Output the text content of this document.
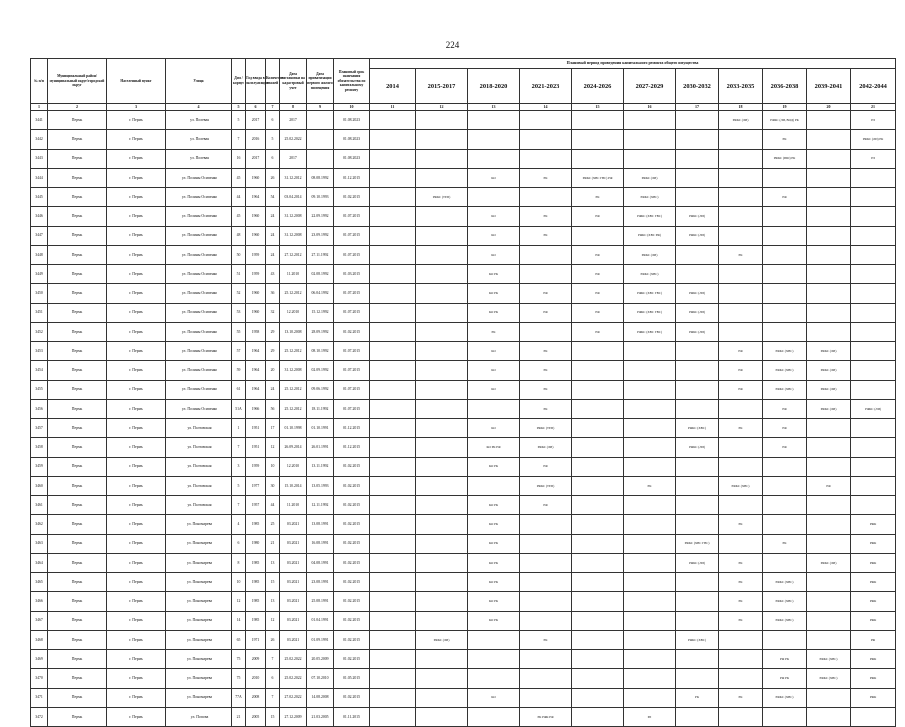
224
№ п/п	Муниципальный район/муниципальный округ/городской округ	Населенный пункт	Улица	Дом / корпус	Год ввода в эксплуатацию	Количество этажей	Дата постановки на кадастровый учет	Дата приватизации первого жилого помещения	Плановый срок окончания обязательства по капитальному ремонту	Плановый период проведения капитального ремонта общего имущества										
										2014	2015-2017	2018-2020	2021-2023	2024-2026	2027-2029	2030-2032	2033-2035	2036-2038	2039-2041	2042-2044
1	2	3	4	5	6	7	8	9	10	11	12	13	14	15	16	17	18	19	20	21
3441	Пермь	г. Пермь	ул. Полевая	5	2017	6	2017		01.08.2023								РФКС (ЛИ)	РФКС (ЛИ, ВОД) РК		РЛ
3442	Пермь	г. Пермь	ул. Полевая	7	2016	5	25.02.2022		01.08.2023									РК		РФКС (ЛИ) РК
3443	Пермь	г. Пермь	ул. Полевая	16	2017	6	2017		01.08.2023									РФКС (ПШ) РК		РЛ
3444	Пермь	г. Пермь	ул. Полины Осипенко	45	1960	26	31.12.2012	08.08.1992	01.12.2015			КО	РК	РФКС (ХВС ГВС) РФ	РФКС (ЛИ)					
3445	Пермь	г. Пермь	ул. Полины Осипенко	44	1964	54	03.04.2014	09.10.1993	01.02.2015		РФКС (ТЕП)			РК	РФКС (ХВС)			РФ		
3446	Пермь	г. Пермь	ул. Полины Осипенко	45	1960	24	31.12.2008	22.09.1992	01.07.2015			КО	РК	РФ	РФКС (ХВС ГВС)	РФКС (ЛИ)				
3447	Пермь	г. Пермь	ул. Полины Осипенко	48	1960	24	31.12.2008	23.09.1992	01.07.2015			КО	РК		РФКС (ХВС РФ)	РФКС (ЛИ)				
3448	Пермь	г. Пермь	ул. Полины Осипенко	50	1959	24	27.12.2012	27.11.1992	01.07.2015			КО		РФ	РФКС (ЛИ)		РК			
3449	Пермь	г. Пермь	ул. Полины Осипенко	51	1959	43	11.2010	02.08.1992	01.03.2015			КО РК		РФ	РФКС (ХВС)					
3450	Пермь	г. Пермь	ул. Полины Осипенко	52	1960	36	25.12.2012	06.04.1992	01.07.2015			КО РК	РФ	РФ	РФКС (ХВС ГВС)	РФКС (ЛИ)				
3451	Пермь	г. Пермь	ул. Полины Осипенко	53	1960	32	12.2010	15.12.1992	01.07.2015			КО РК	РФ	РФ	РФКС (ХВС ГВС)	РФКС (ЛИ)				
3452	Пермь	г. Пермь	ул. Полины Осипенко	55	1958	29	13.10.2008	28.09.1992	01.02.2015			РК		РФ	РФКС (ХВС ГВС)	РФКС (ЛИ)				
3453	Пермь	г. Пермь	ул. Полины Осипенко	57	1964	29	25.12.2012	08.10.1992	01.07.2015			КО	РК				РФ	РФКС (ХВС)	РФКС (ЛИ)	
3454	Пермь	г. Пермь	ул. Полины Осипенко	59	1964	20	31.12.2008	02.09.1992	01.07.2015			КО	РК				РФ	РФКС (ХВС)	РФКС (ЛИ)	
3455	Пермь	г. Пермь	ул. Полины Осипенко	61	1964	24	25.12.2012	09.06.1992	01.07.2015			КО	РК				РФ	РФКС (ХВС)	РФКС (ЛИ)	
3456	Пермь	г. Пермь	ул. Полины Осипенко	51А	1966	56	25.12.2012	18.11.1992	01.07.2015				РК					РФ	РФКС (ЛИ)	РФКС (ЛИ)
3457	Пермь	г. Пермь	ул. Полтавская	1	1951	17	01.10.1998	01.10.1991	01.12.2015			КО	РФКС (ТЕП)			РФКС (ХВС)	РК	РФ		
3458	Пермь	г. Пермь	ул. Полтавская	7	1951	12	26.09.2014	26.01.1991	01.12.2015			КО РК РФ	РФКС (ЛИ)			РФКС (ЛИ)		РФ		
3459	Пермь	г. Пермь	ул. Полтавская	3	1959	10	12.2010	13.11.1992	01.02.2015			КО РК	РФ							
3460	Пермь	г. Пермь	ул. Полтавская	5	1977	30	15.10.2014	13.05.1993	01.02.2015				РФКС (ТЕП)		РК		РФКС (ХВС)		РФ	
3461	Пермь	г. Пермь	ул. Полтавская	7	1957	44	11.2010	12.11.1992	01.02.2015			КО РК	РФ							
3462	Пермь	г. Пермь	ул. Пономарева	4	1985	25	03.2021	13.08.1991	01.02.2015			КО РК					РК			РФК
3463	Пермь	г. Пермь	ул. Пономарева	6	1980	21	03.2021	16.08.1991	01.02.2015			КО РК				РФКС (ХВС ГВС)		РК		РФК
3464	Пермь	г. Пермь	ул. Пономарева	8	1985	13	03.2021	04.08.1991	01.02.2015			КО РК				РФКС (ЛИ)	РК		РФКС (ЛИ)	РФК
3465	Пермь	г. Пермь	ул. Пономарева	10	1985	15	03.2021	23.08.1991	01.02.2015			КО РК					РК	РФКС (ХВС)		РФК
3466	Пермь	г. Пермь	ул. Пономарева	12	1985	13	03.2021	25.08.1991	01.02.2015			КО РК					РК	РФКС (ХВС)		РФК
3467	Пермь	г. Пермь	ул. Пономарева	14	1985	12	03.2021	01.04.1991	01.02.2015			КО РК					РК	РФКС (ХВС)		РФК
3468	Пермь	г. Пермь	ул. Пономарева	65	1971	26	03.2021	01.09.1991	01.02.2015		РФКС (ЛИ)		РК			РФКС (ХВС)				РФ
3469	Пермь	г. Пермь	ул. Пономарева	75	2009	7	25.02.2022	20.05.2009	01.02.2015									РФ РК	РФКС (ХВС)	РФК
3470	Пермь	г. Пермь	ул. Пономарева	75	2010	6	25.02.2022	07.10.2010	01.05.2015									РФ РК	РФКС (ХВС)	РФК
3471	Пермь	г. Пермь	ул. Пономарева	77А	2008	7	27.02.2022	14.08.2008	01.02.2015			КО				РК	РК	РФКС (ХВС)		РФК
3472	Пермь	г. Пермь	ул. Попова	21	2005	15	27.12.2009	21.03.2005	01.11.2015				РК РФК РФ		РЛ					
